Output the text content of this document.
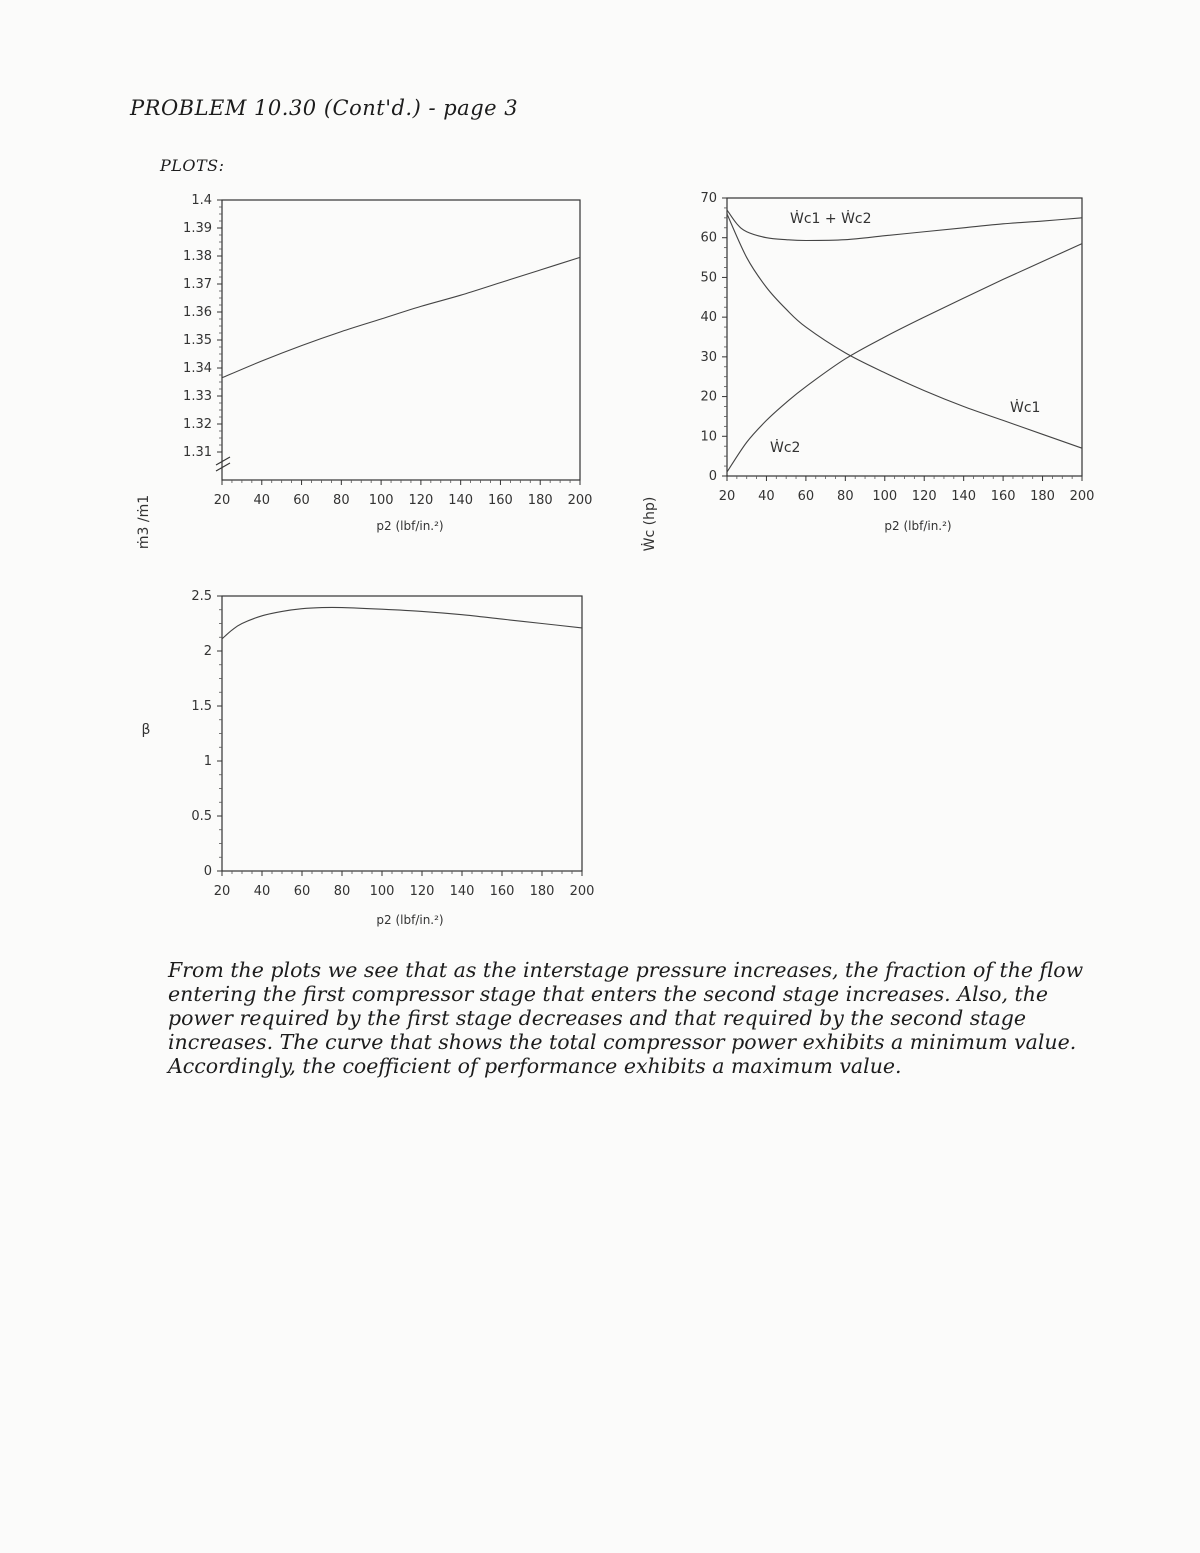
PROBLEM 10.30 (Cont'd.) - page 3
PLOTS:
20 40 60 80 100 120 140 160 180 200
1.31
1.32
1.33
1.34
1.35
1.36
1.37
1.38
1.39
1.4
ṁ3 /ṁ1	p2 (lbf/in.²)
20 40 60 80 100 120 140 160 180 200
0
10
20
30
40
50
60
70
Ẇc (hp)	p2 (lbf/in.²)
Ẇc1 + Ẇc2
Ẇc1
Ẇc2
20 40 60 80 100 120 140 160 180 200
0
0.5
1
1.5
2
2.5
β
p2 (lbf/in.²)
From the plots we see that as the interstage pressure increases, the fraction of the flow entering the first compressor stage that enters the second stage increases. Also, the power required by the first stage decreases and that required by the second stage increases. The curve that shows the total compressor power exhibits a minimum value. Accordingly, the coefficient of performance exhibits a maximum value.
